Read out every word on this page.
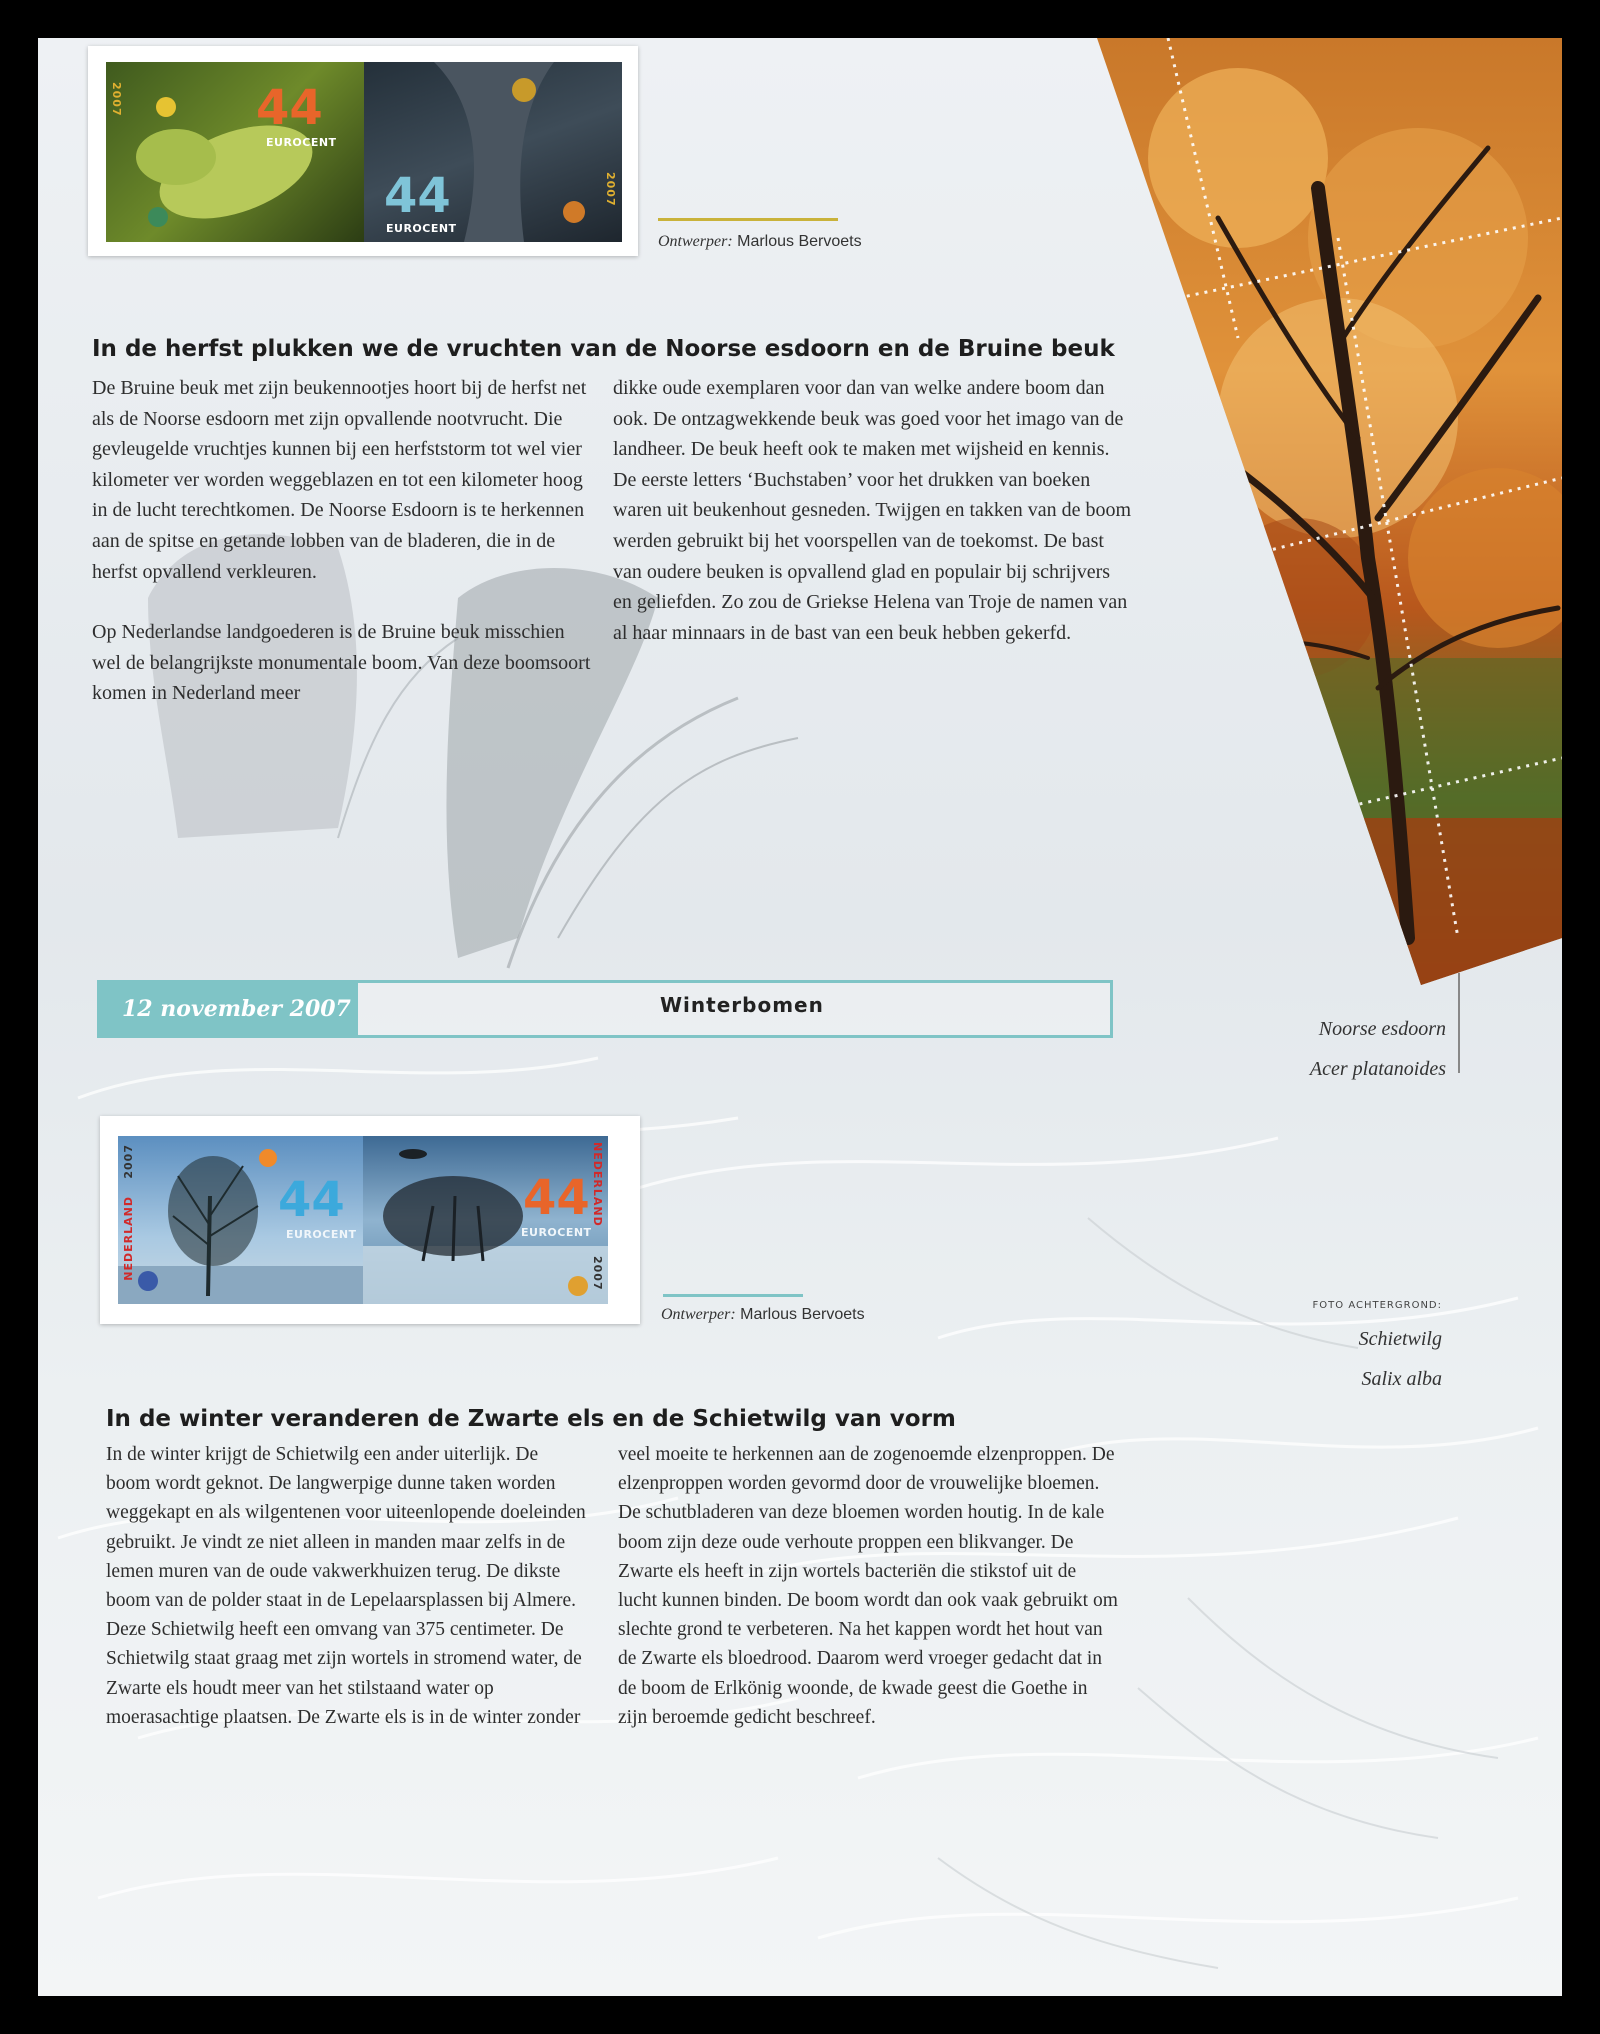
44
EUROCENT
2007
44
EUROCENT
2007
Ontwerper: Marlous Bervoets
In de herfst plukken we de vruchten van de Noorse esdoorn en de Bruine beuk

De Bruine beuk met zijn beukennootjes hoort bij de herfst net als de Noorse esdoorn met zijn opvallende nootvrucht. Die gevleugelde vruchtjes kunnen bij een herfststorm tot wel vier kilometer ver worden weggeblazen en tot een kilometer hoog in de lucht terechtkomen. De Noorse Esdoorn is te herkennen aan de spitse en getande lobben van de bladeren, die in de herfst opvallend verkleuren.

Op Nederlandse landgoederen is de Bruine beuk misschien wel de belangrijkste monumentale boom. Van deze boomsoort komen in Nederland meer

dikke oude exemplaren voor dan van welke andere boom dan ook. De ontzagwekkende beuk was goed voor het imago van de landheer. De beuk heeft ook te maken met wijsheid en kennis. De eerste letters ‘Buchstaben’ voor het drukken van boeken waren uit beukenhout gesneden. Twijgen en takken van de boom werden gebruikt bij het voorspellen van de toekomst. De bast van oudere beuken is opvallend glad en populair bij schrijvers en geliefden. Zo zou de Griekse Helena van Troje de namen van al haar minnaars in de bast van een beuk hebben gekerfd.

Noorse esdoorn
Acer platanoides
12 november 2007	Winterbomen
44
EUROCENT
NEDERLAND
2007
44
EUROCENT
NEDERLAND
2007
Ontwerper: Marlous Bervoets
FOTO ACHTERGROND:
Schietwilg
Salix alba
In de winter veranderen de Zwarte els en de Schietwilg van vorm

In de winter krijgt de Schietwilg een ander uiterlijk. De boom wordt geknot. De langwerpige dunne taken worden weggekapt en als wilgentenen voor uiteenlopende doeleinden gebruikt. Je vindt ze niet alleen in manden maar zelfs in de lemen muren van de oude vakwerkhuizen terug. De dikste boom van de polder staat in de Lepelaarsplassen bij Almere. Deze Schietwilg heeft een omvang van 375 centimeter. De Schietwilg staat graag met zijn wortels in stromend water, de Zwarte els houdt meer van het stilstaand water op moerasachtige plaatsen. De Zwarte els is in de winter zonder

veel moeite te herkennen aan de zogenoemde elzenproppen. De elzenproppen worden gevormd door de vrouwelijke bloemen. De schutbladeren van deze bloemen worden houtig. In de kale boom zijn deze oude verhoute proppen een blikvanger. De Zwarte els heeft in zijn wortels bacteriën die stikstof uit de lucht kunnen binden. De boom wordt dan ook vaak gebruikt om slechte grond te verbeteren. Na het kappen wordt het hout van de Zwarte els bloedrood. Daarom werd vroeger gedacht dat in de boom de Erlkönig woonde, de kwade geest die Goethe in zijn beroemde gedicht beschreef.
